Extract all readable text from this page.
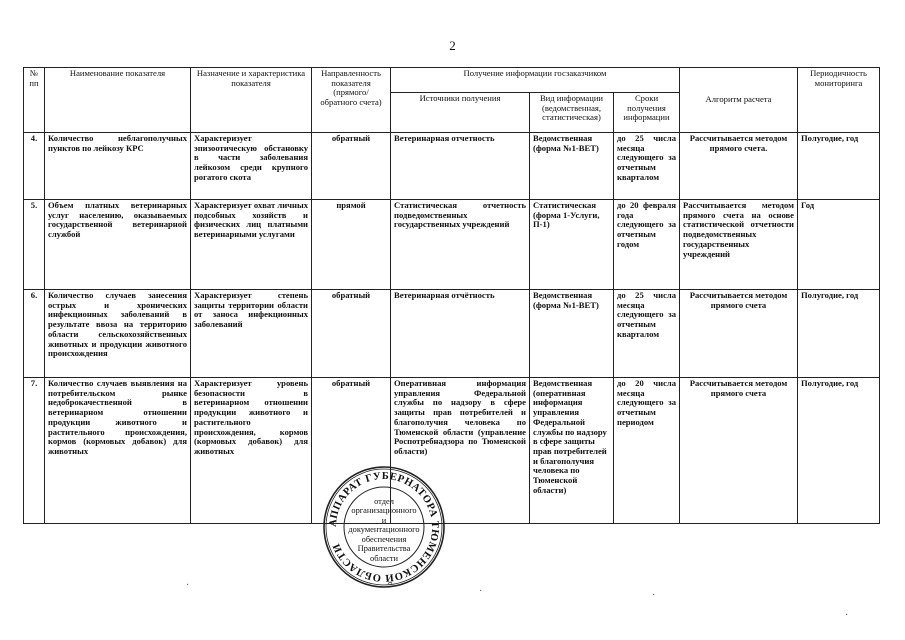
2
№ пп	Наименование показателя	Назначение и характеристика показателя	Направленность показателя (прямого/ обратного счета)	Получение информации госзаказчиком			Алгоритм расчета	Периодичность мониторинга
				Источники получения	Вид информации (ведомственная, статистическая)	Сроки получения информации		
4.	Количество неблагополучных пунктов по лейкозу КРС	Характеризует эпизоотическую обстановку в части заболевания лейкозом среди крупного рогатого скота	обратный	Ветеринарная отчетность	Ведомственная (форма №1-ВЕТ)	до 25 числа месяца следующего за отчетным кварталом	Рассчитывается методом прямого счета.	Полугодие, год
5.	Объем платных ветеринарных услуг населению, оказываемых государственной ветеринарной службой	Характеризует охват личных подсобных хозяйств и физических лиц платными ветеринарными услугами	прямой	Статистическая отчетность подведомственных государственных учреждений	Статистическая (форма 1-Услуги, П-1)	до 20 февраля года следующего за отчетным годом	Рассчитывается методом прямого счета на основе статистической отчетности подведомственных государственных учреждений	Год
6.	Количество случаев занесения острых и хронических инфекционных заболеваний в результате ввоза на территорию области сельскохозяйственных животных и продукции животного происхождения	Характеризует степень защиты территории области от заноса инфекционных заболеваний	обратный	Ветеринарная отчётность	Ведомственная (форма №1-ВЕТ)	до 25 числа месяца следующего за отчетным кварталом	Рассчитывается методом прямого счета	Полугодие, год
7.	Количество случаев выявления на потребительском рынке недоброкачественной в ветеринарном отношении продукции животного и растительного происхождения, кормов (кормовых добавок) для животных	Характеризует уровень безопасности в ветеринарном отношении продукции животного и растительного происхождения, кормов (кормовых добавок) для животных	обратный	Оперативная информация управления Федеральной службы по надзору в сфере защиты прав потребителей и благополучия человека по Тюменской области (управление Роспотребнадзора по Тюменской области)	Ведомственная (оперативная информация управления Федеральной службы по надзору в сфере защиты прав потребителей и благополучия человека по Тюменской области)	до 20 числа месяца следующего за отчетным периодом	Рассчитывается методом прямого счета	Полугодие, год
АППАРАТ ГУБЕРНАТОРА ТЮМЕНСКОЙ ОБЛАСТИ
отдел
организационного
и
документационного
обеспечения
Правительства
области
·
·	·
·
